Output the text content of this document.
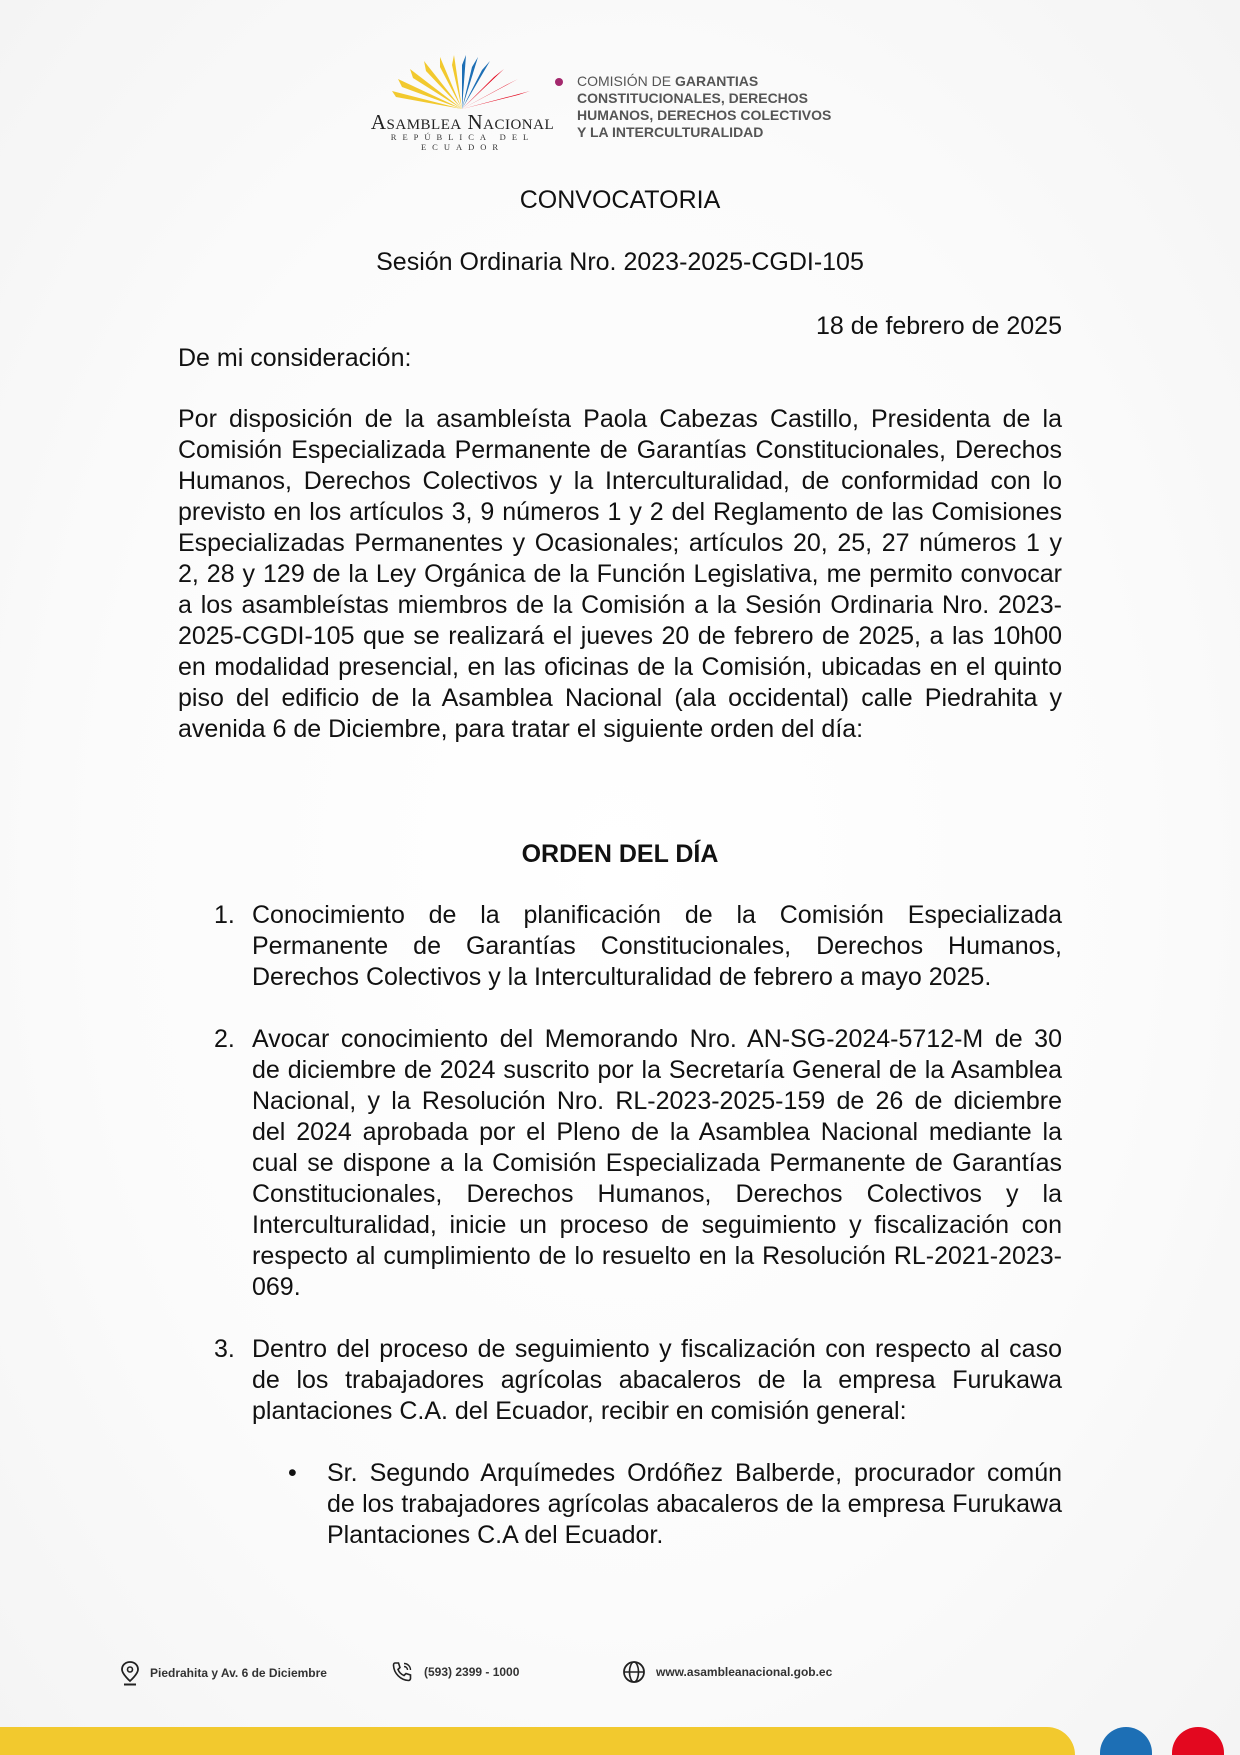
Asamblea Nacional
REPÚBLICA DEL ECUADOR
COMISIÓN DE GARANTIAS
CONSTITUCIONALES, DERECHOS
HUMANOS, DERECHOS COLECTIVOS
Y LA INTERCULTURALIDAD
CONVOCATORIA
Sesión Ordinaria Nro. 2023-2025-CGDI-105
18 de febrero de 2025
De mi consideración:
Por disposición de la asambleísta Paola Cabezas Castillo, Presidenta de la Comisión Especializada Permanente de Garantías Constitucionales, Derechos Humanos, Derechos Colectivos y la Interculturalidad, de conformidad con lo previsto en los artículos 3, 9 números 1 y 2 del Reglamento de las Comisiones Especializadas Permanentes y Ocasionales; artículos 20, 25, 27 números 1 y 2, 28 y 129 de la Ley Orgánica de la Función Legislativa, me permito convocar a los asambleístas miembros de la Comisión a la Sesión Ordinaria Nro. 2023-2025-CGDI-105 que se realizará el jueves 20 de febrero de 2025, a las 10h00 en modalidad presencial, en las oficinas de la Comisión, ubicadas en el quinto piso del edificio de la Asamblea Nacional (ala occidental) calle Piedrahita y avenida 6 de Diciembre, para tratar el siguiente orden del día:
ORDEN DEL DÍA
1. Conocimiento de la planificación de la Comisión Especializada Permanente de Garantías Constitucionales, Derechos Humanos, Derechos Colectivos y la Interculturalidad de febrero a mayo 2025.
2. Avocar conocimiento del Memorando Nro. AN-SG-2024-5712-M de 30 de diciembre de 2024 suscrito por la Secretaría General de la Asamblea Nacional, y la Resolución Nro. RL-2023-2025-159 de 26 de diciembre del 2024 aprobada por el Pleno de la Asamblea Nacional mediante la cual se dispone a la Comisión Especializada Permanente de Garantías Constitucionales, Derechos Humanos, Derechos Colectivos y la Interculturalidad, inicie un proceso de seguimiento y fiscalización con respecto al cumplimiento de lo resuelto en la Resolución RL-2021-2023-069.
3. Dentro del proceso de seguimiento y fiscalización con respecto al caso de los trabajadores agrícolas abacaleros de la empresa Furukawa plantaciones C.A. del Ecuador, recibir en comisión general:
• Sr. Segundo Arquímedes Ordóñez Balberde, procurador común de los trabajadores agrícolas abacaleros de la empresa Furukawa Plantaciones C.A del Ecuador.
Piedrahita y Av. 6 de Diciembre	(593) 2399 - 1000	www.asambleanacional.gob.ec
